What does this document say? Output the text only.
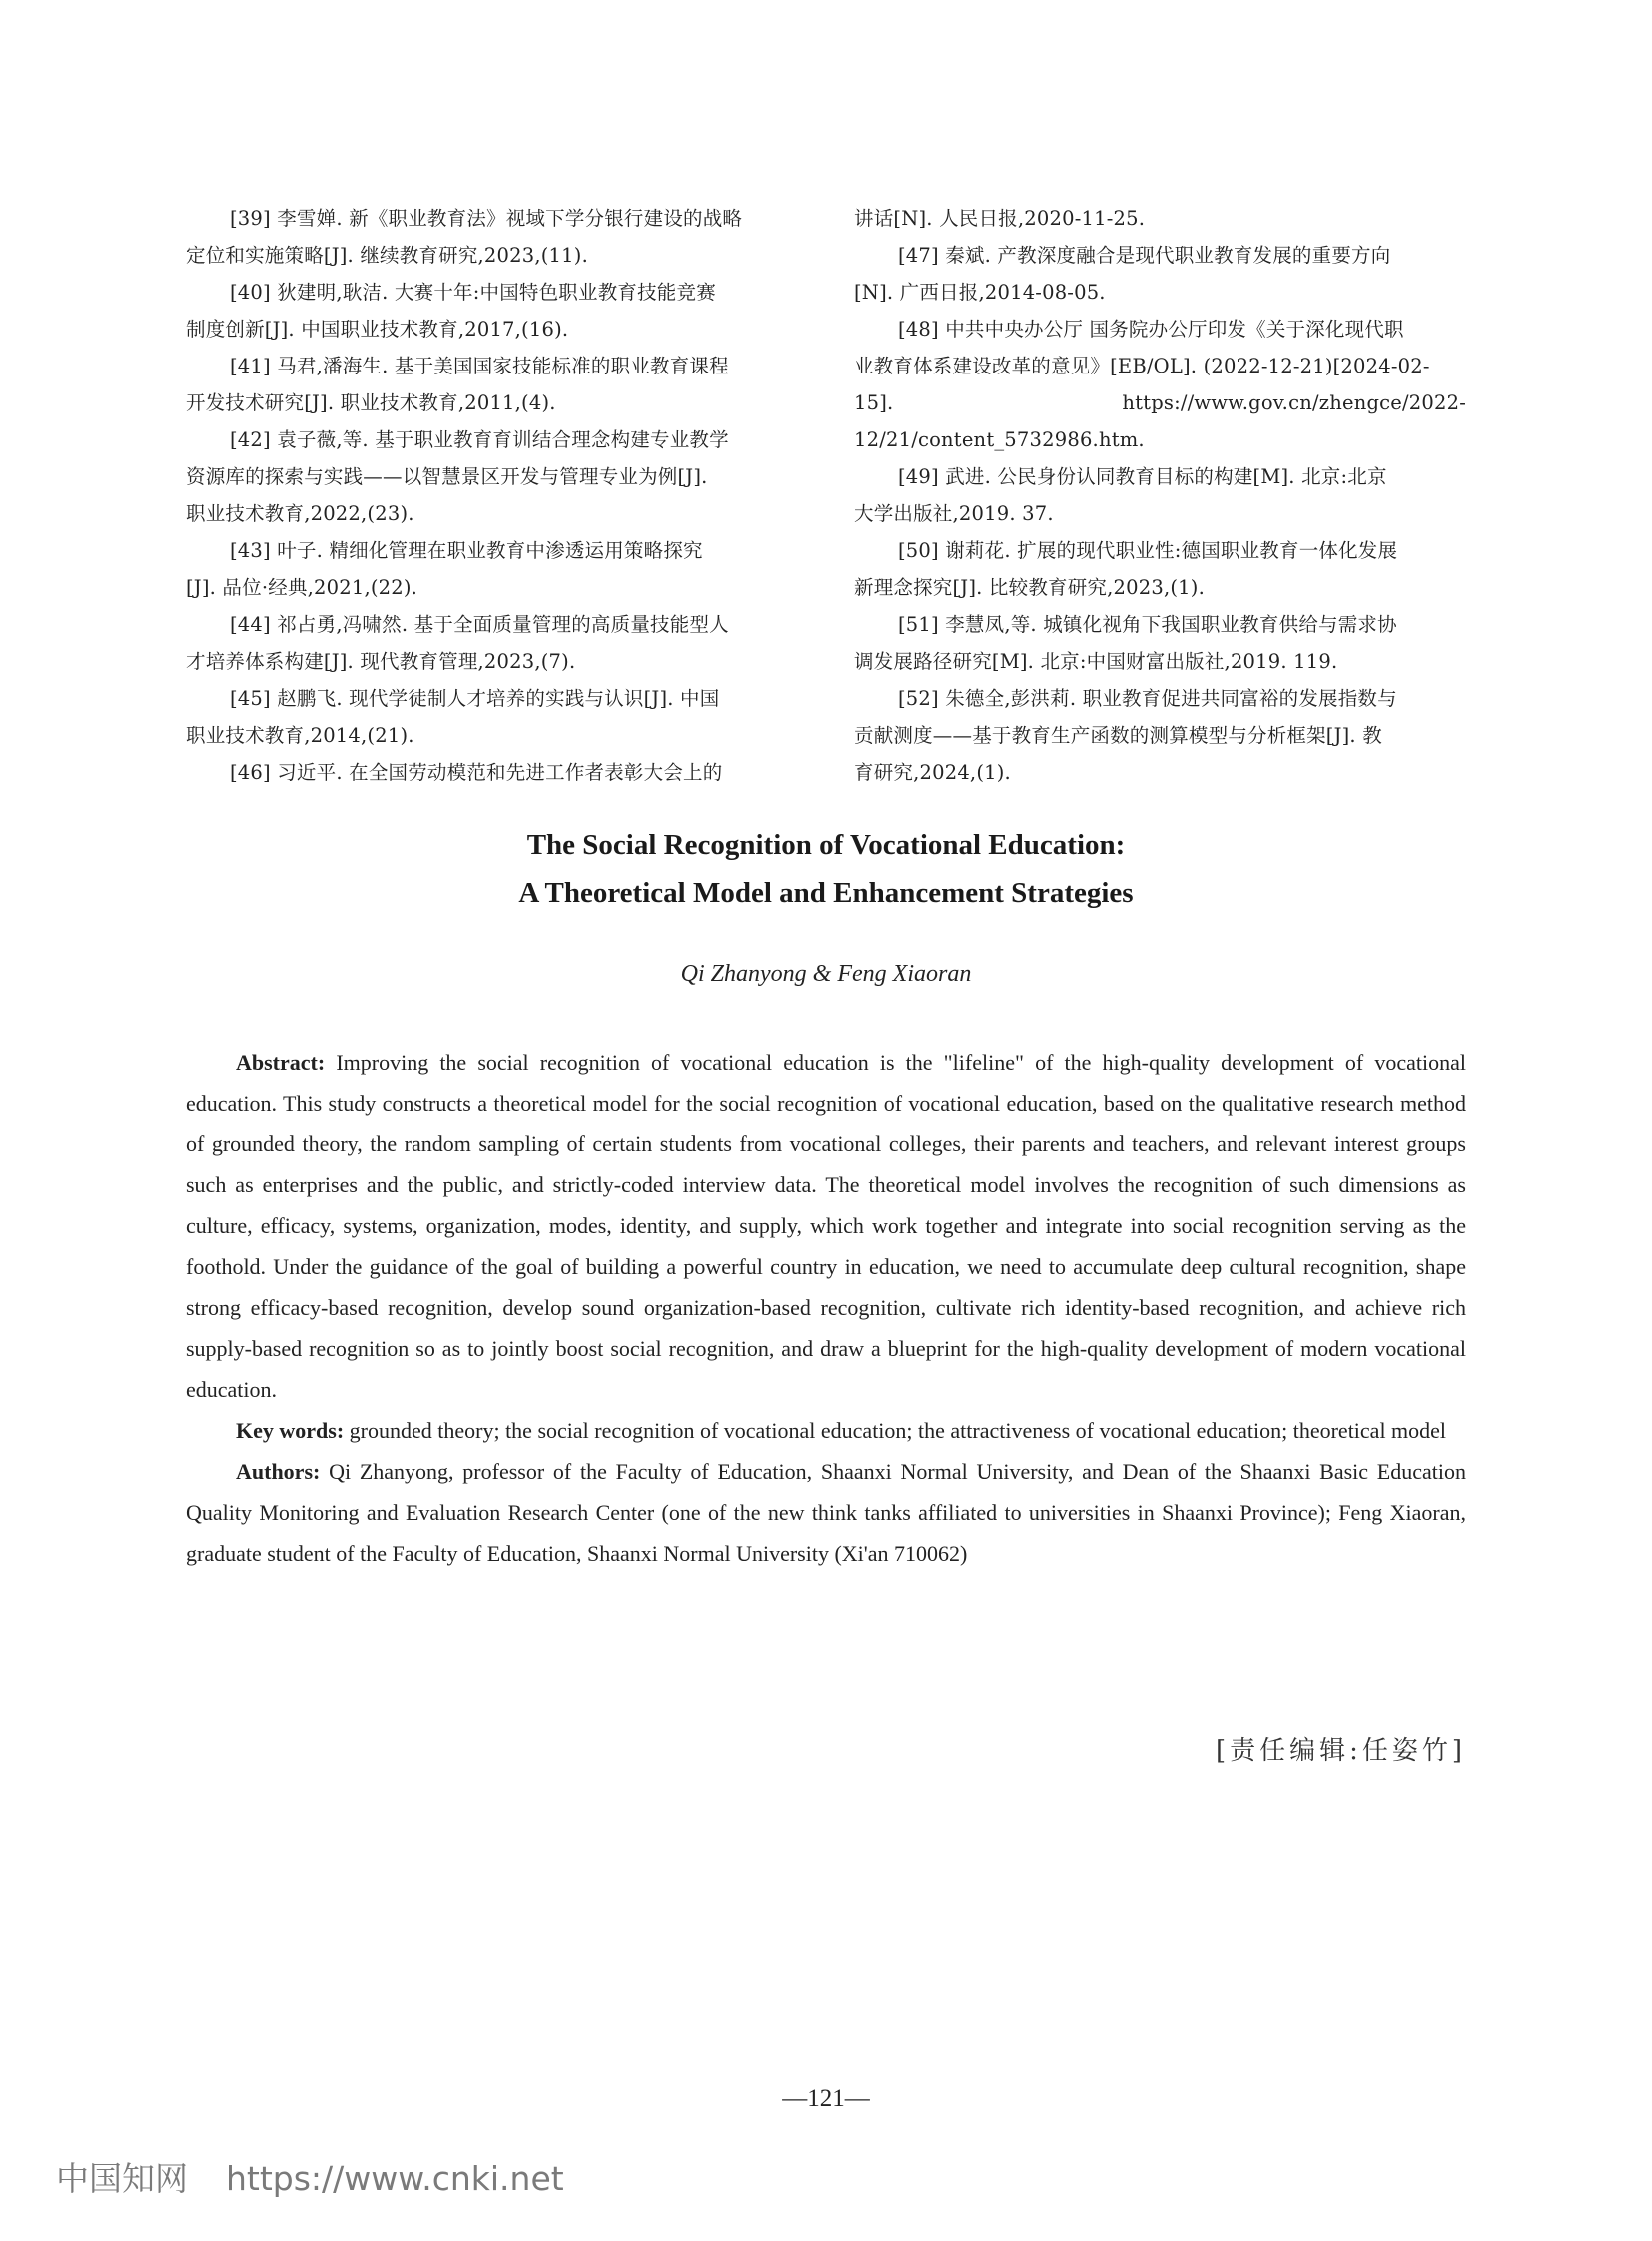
[39] 李雪婵. 新《职业教育法》视域下学分银行建设的战略

定位和实施策略[J]. 继续教育研究,2023,(11).

[40] 狄建明,耿洁. 大赛十年:中国特色职业教育技能竞赛

制度创新[J]. 中国职业技术教育,2017,(16).

[41] 马君,潘海生. 基于美国国家技能标准的职业教育课程

开发技术研究[J]. 职业技术教育,2011,(4).

[42] 袁子薇,等. 基于职业教育育训结合理念构建专业教学

资源库的探索与实践——以智慧景区开发与管理专业为例[J].

职业技术教育,2022,(23).

[43] 叶子. 精细化管理在职业教育中渗透运用策略探究

[J]. 品位·经典,2021,(22).

[44] 祁占勇,冯啸然. 基于全面质量管理的高质量技能型人

才培养体系构建[J]. 现代教育管理,2023,(7).

[45] 赵鹏飞. 现代学徒制人才培养的实践与认识[J]. 中国

职业技术教育,2014,(21).

[46] 习近平. 在全国劳动模范和先进工作者表彰大会上的

讲话[N]. 人民日报,2020-11-25.

[47] 秦斌. 产教深度融合是现代职业教育发展的重要方向

[N]. 广西日报,2014-08-05.

[48] 中共中央办公厅 国务院办公厅印发《关于深化现代职

业教育体系建设改革的意见》[EB/OL]. (2022-12-21)[2024-02-

15]. https://www.gov.cn/zhengce/2022-12/21/content_5732986.htm.

[49] 武进. 公民身份认同教育目标的构建[M]. 北京:北京

大学出版社,2019. 37.

[50] 谢莉花. 扩展的现代职业性:德国职业教育一体化发展

新理念探究[J]. 比较教育研究,2023,(1).

[51] 李慧凤,等. 城镇化视角下我国职业教育供给与需求协

调发展路径研究[M]. 北京:中国财富出版社,2019. 119.

[52] 朱德全,彭洪莉. 职业教育促进共同富裕的发展指数与

贡献测度——基于教育生产函数的测算模型与分析框架[J]. 教

育研究,2024,(1).

The Social Recognition of Vocational Education:
A Theoretical Model and Enhancement Strategies
Qi Zhanyong & Feng Xiaoran

Abstract: Improving the social recognition of vocational education is the "lifeline" of the high-quality development of vocational education. This study constructs a theoretical model for the social recognition of vocational education, based on the qualitative research method of grounded theory, the random sampling of certain students from vocational colleges, their parents and teachers, and relevant interest groups such as enterprises and the public, and strictly-coded interview data. The theoretical model involves the recognition of such dimensions as culture, efficacy, systems, organization, modes, identity, and supply, which work together and integrate into social recognition serving as the foothold. Under the guidance of the goal of building a powerful country in education, we need to accumulate deep cultural recognition, shape strong efficacy-based recognition, develop sound organization-based recognition, cultivate rich identity-based recognition, and achieve rich supply-based recognition so as to jointly boost social recognition, and draw a blueprint for the high-quality development of modern vocational education.

Key words: grounded theory; the social recognition of vocational education; the attractiveness of vocational education; theoretical model

Authors: Qi Zhanyong, professor of the Faculty of Education, Shaanxi Normal University, and Dean of the Shaanxi Basic Education Quality Monitoring and Evaluation Research Center (one of the new think tanks affiliated to universities in Shaanxi Province); Feng Xiaoran, graduate student of the Faculty of Education, Shaanxi Normal University (Xi'an 710062)

[责任编辑:任姿竹]
—121—
中国知网 https://www.cnki.net
